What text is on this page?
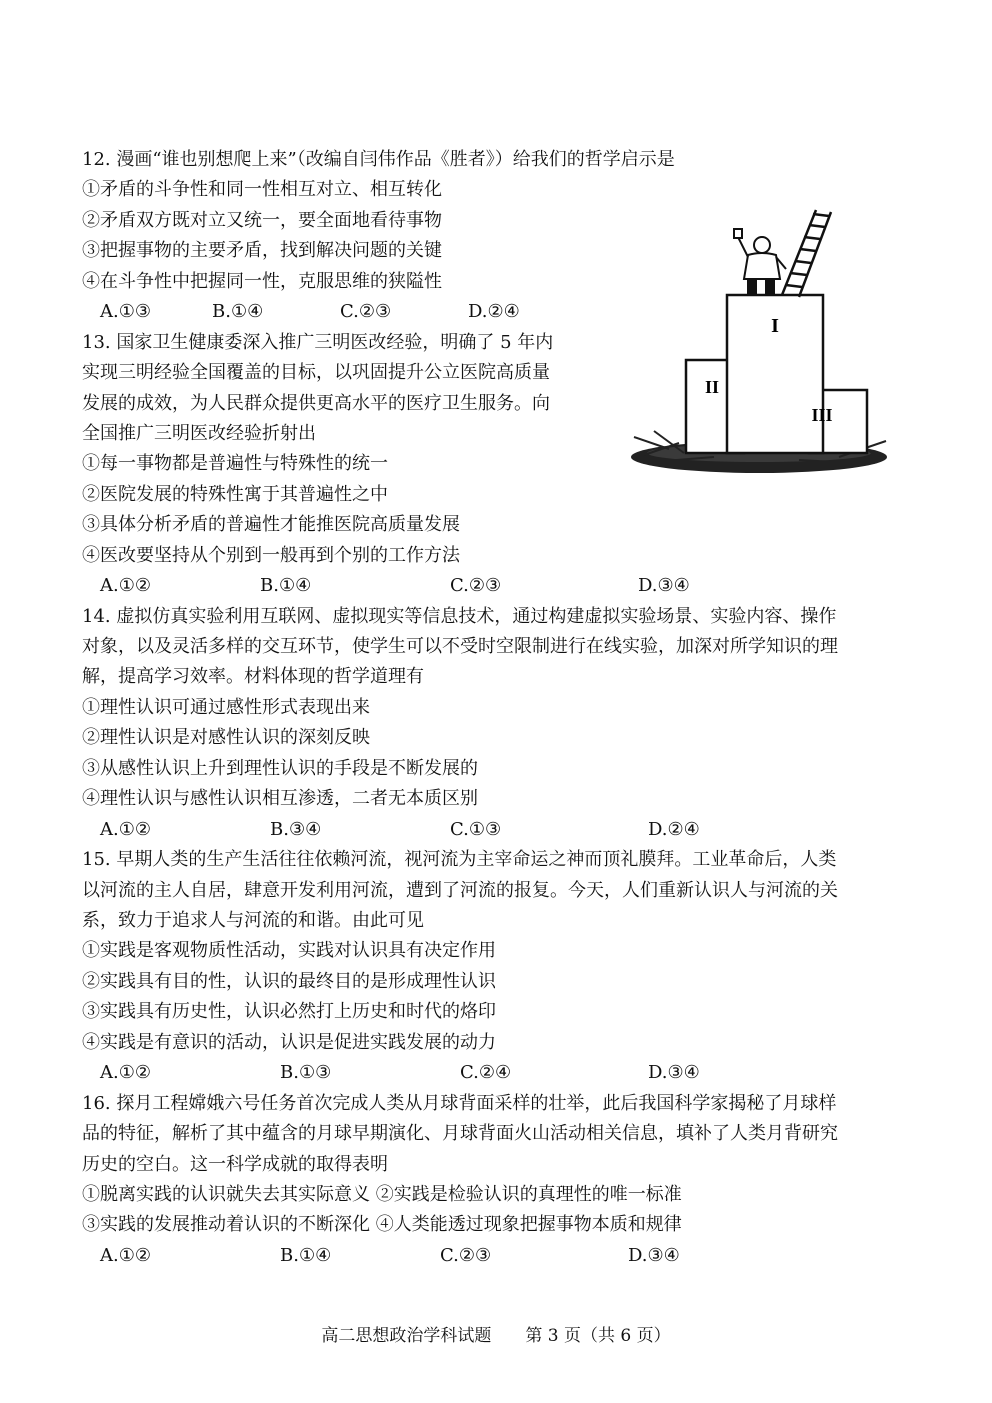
12. 漫画“谁也别想爬上来”（改编自闫伟作品《胜者》）给我们的哲学启示是
①矛盾的斗争性和同一性相互对立、相互转化
②矛盾双方既对立又统一，要全面地看待事物
③把握事物的主要矛盾，找到解决问题的关键
④在斗争性中把握同一性，克服思维的狭隘性
A.①③	B.①④	C.②③	D.②④
I
II
III
13. 国家卫生健康委深入推广三明医改经验，明确了 5 年内
实现三明经验全国覆盖的目标，以巩固提升公立医院高质量
发展的成效，为人民群众提供更高水平的医疗卫生服务。向
全国推广三明医改经验折射出
①每一事物都是普遍性与特殊性的统一
②医院发展的特殊性寓于其普遍性之中
③具体分析矛盾的普遍性才能推医院高质量发展
④医改要坚持从个别到一般再到个别的工作方法
A.①②	B.①④	C.②③	D.③④
14. 虚拟仿真实验利用互联网、虚拟现实等信息技术，通过构建虚拟实验场景、实验内容、操作
对象，以及灵活多样的交互环节，使学生可以不受时空限制进行在线实验，加深对所学知识的理
解，提高学习效率。材料体现的哲学道理有
①理性认识可通过感性形式表现出来
②理性认识是对感性认识的深刻反映
③从感性认识上升到理性认识的手段是不断发展的
④理性认识与感性认识相互渗透，二者无本质区别
A.①②	B.③④	C.①③	D.②④
15. 早期人类的生产生活往往依赖河流，视河流为主宰命运之神而顶礼膜拜。工业革命后，人类
以河流的主人自居，肆意开发利用河流，遭到了河流的报复。今天，人们重新认识人与河流的关
系，致力于追求人与河流的和谐。由此可见
①实践是客观物质性活动，实践对认识具有决定作用
②实践具有目的性，认识的最终目的是形成理性认识
③实践具有历史性，认识必然打上历史和时代的烙印
④实践是有意识的活动，认识是促进实践发展的动力
A.①②	B.①③	C.②④	D.③④
16. 探月工程嫦娥六号任务首次完成人类从月球背面采样的壮举，此后我国科学家揭秘了月球样
品的特征，解析了其中蕴含的月球早期演化、月球背面火山活动相关信息，填补了人类月背研究
历史的空白。这一科学成就的取得表明
①脱离实践的认识就失去其实际意义 ②实践是检验认识的真理性的唯一标准
③实践的发展推动着认识的不断深化 ④人类能透过现象把握事物本质和规律
A.①②	B.①④	C.②③	D.③④
高二思想政治学科试题　　第 3 页（共 6 页）
